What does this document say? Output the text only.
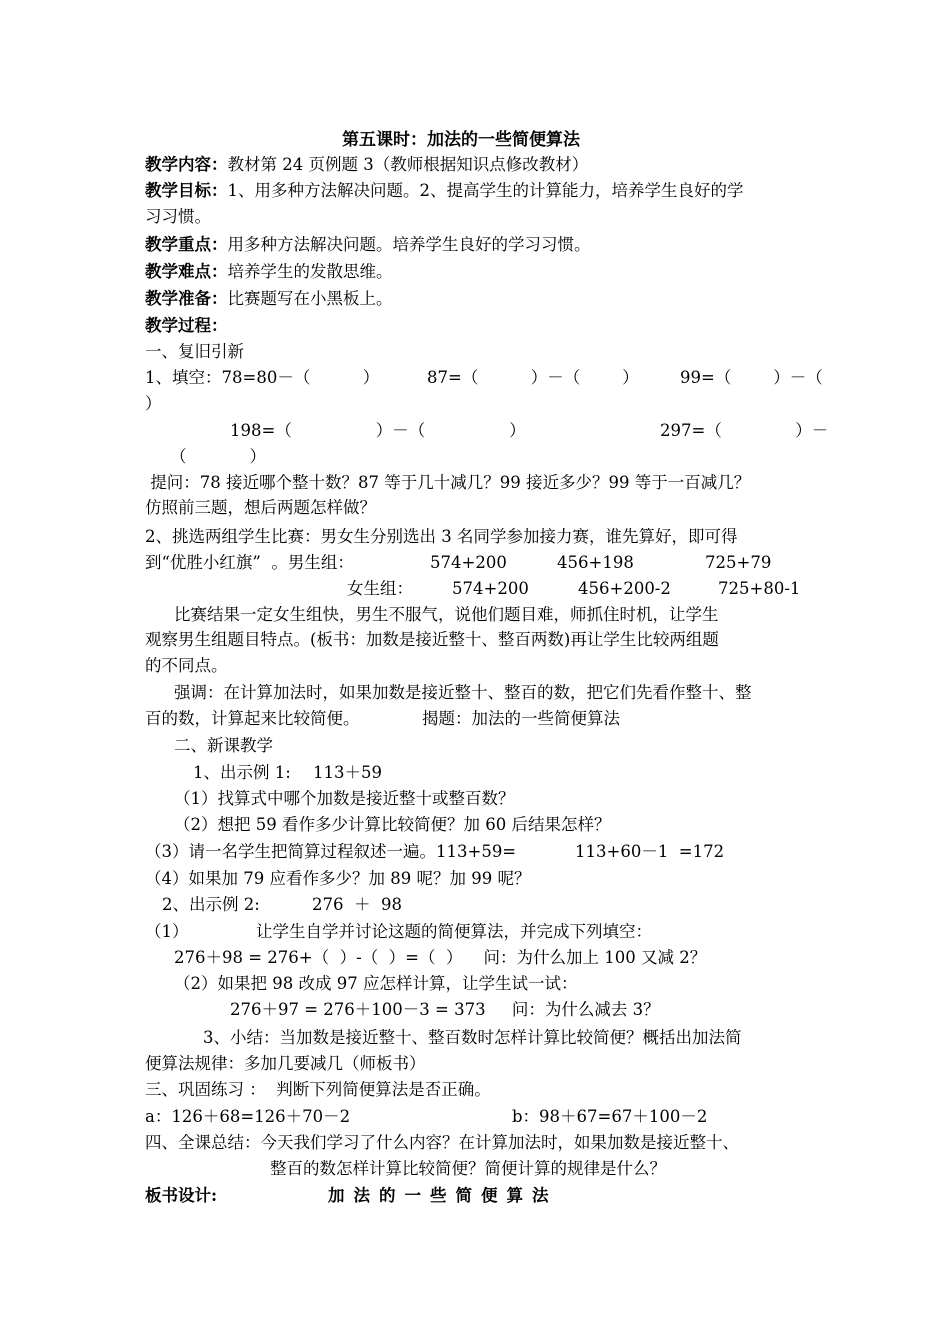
第五课时：加法的一些简便算法
教学内容：教材第 24 页例题 3（教师根据知识点修改教材）
教学目标：1、用多种方法解决问题。2、提高学生的计算能力，培养学生良好的学
习习惯。
教学重点：用多种方法解决问题。培养学生良好的学习习惯。
教学难点：培养学生的发散思维。
教学准备：比赛题写在小黑板上。
教学过程：
一、复旧引新
1、填空：78=80－（          ）	87=（          ）－（        ）	99=（        ）－（
）
198=（                ）－（                ）	297=（              ）－
（            ）
提问：78 接近哪个整十数？87 等于几十减几？99 接近多少？99 等于一百减几？
仿照前三题，想后两题怎样做？
2、挑选两组学生比赛：男女生分别选出 3 名同学参加接力赛，谁先算好，即可得
到“优胜小红旗”  。男生组：	574+200	456+198	725+79
女生组： 574+200	456+200-2	725+80-1
比赛结果一定女生组快，男生不服气，说他们题目难，师抓住时机，让学生
观察男生组题目特点。(板书：加数是接近整十、整百两数)再让学生比较两组题
的不同点。
强调：在计算加法时，如果加数是接近整十、整百的数，把它们先看作整十、整
百的数，计算起来比较简便。	揭题：加法的一些简便算法
二、新课教学
1、出示例 1: 113＋59
（1）找算式中哪个加数是接近整十或整百数？
（2）想把 59 看作多少计算比较简便？加 60 后结果怎样？
（3）请一名学生把简算过程叙述一遍。113+59=	113+60－1  =172
（4）如果加 79 应看作多少？加 89 呢？加 99 呢？
2、出示例 2:	276  ＋  98
（1）	让学生自学并讨论这题的简便算法，并完成下列填空：
276＋98 = 276+（  ）-（  ）=（  ）    问：为什么加上 100 又减 2？
（2）如果把 98 改成 97 应怎样计算，让学生试一试：
276＋97 = 276＋100－3 = 373     问：为什么减去 3？
3、小结：当加数是接近整十、整百数时怎样计算比较简便？概括出加法简
便算法规律：多加几要减几（师板书）
三、巩固练习 ：  判断下列简便算法是否正确。
a：126＋68=126＋70－2	b：98＋67=67＋100－2
四、全课总结：今天我们学习了什么内容？在计算加法时，如果加数是接近整十、
整百的数怎样计算比较简便？简便计算的规律是什么？
板书设计:	加法的一些简便算法
